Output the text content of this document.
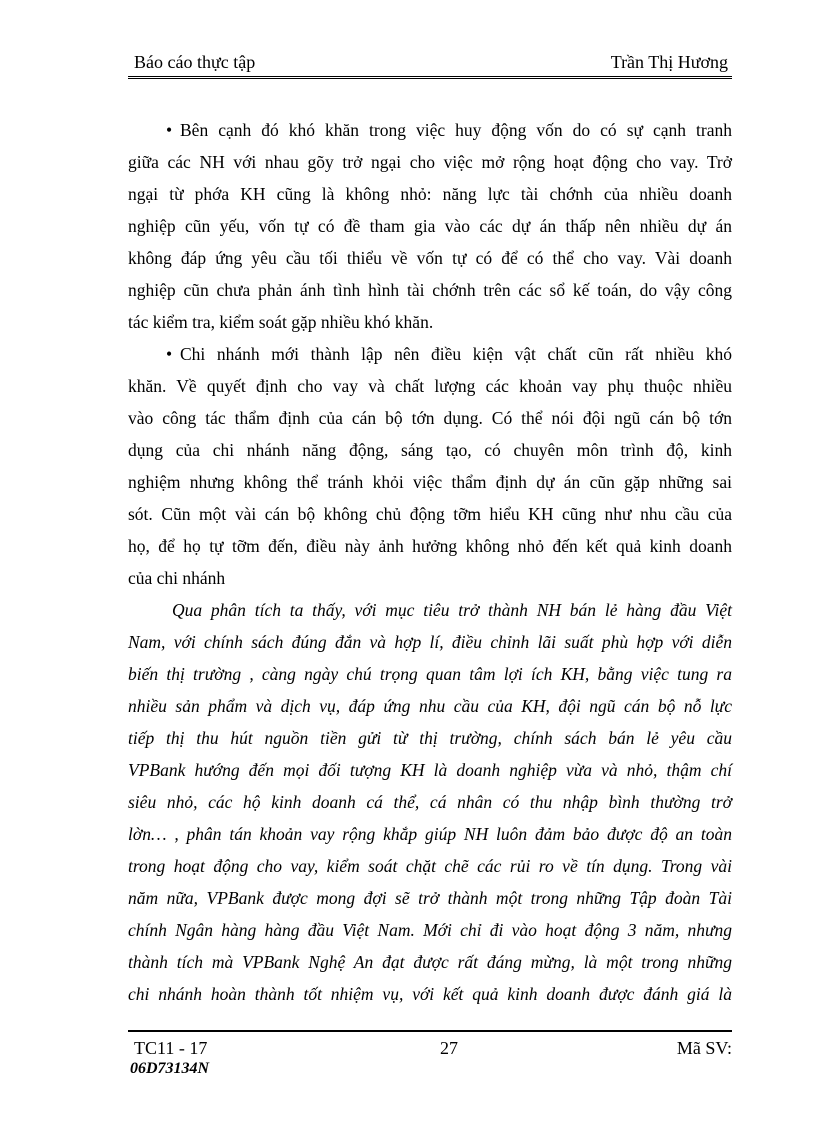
Báo cáo thực tập	Trần Thị Hương
• Bên cạnh đó khó khăn trong việc huy động vốn do có sự cạnh tranh
giữa các NH với nhau gõy trở ngại cho việc mở rộng hoạt động cho vay. Trở
ngại từ phớa KH cũng là không nhỏ: năng lực tài chớnh của nhiều doanh
nghiệp cũn yếu, vốn tự có đề tham gia vào các dự án thấp nên nhiều dự án
không đáp ứng yêu cầu tối thiểu về vốn tự có để có thể cho vay. Vài doanh
nghiệp cũn chưa phản ánh tình hình tài chớnh trên các sổ kế toán, do vậy công
tác kiểm tra, kiểm soát gặp nhiều khó khăn.
• Chi nhánh mới thành lập nên điều kiện vật chất cũn rất nhiều khó
khăn. Về quyết định cho vay và chất lượng các khoản vay phụ thuộc nhiều
vào công tác thẩm định của cán bộ tớn dụng. Có thể nói đội ngũ cán bộ tớn
dụng của chi nhánh năng động, sáng tạo, có chuyên môn trình độ, kinh
nghiệm nhưng không thể tránh khỏi việc thẩm định dự án cũn gặp những sai
sót. Cũn một vài cán bộ không chủ động tỡm hiểu KH cũng như nhu cầu của
họ, để họ tự tỡm đến, điều này ảnh hưởng không nhỏ đến kết quả kinh doanh
của chi nhánh
Qua phân tích ta thấy, với mục tiêu trở thành NH bán lẻ hàng đầu Việt
Nam, với chính sách đúng đắn và hợp lí, điều chỉnh lãi suất phù hợp với diễn
biến thị trường , càng ngày chú trọng quan tâm lợi ích KH, bằng việc tung ra
nhiều sản phẩm và dịch vụ, đáp ứng nhu cầu của KH, đội ngũ cán bộ nỗ lực
tiếp thị thu hút nguồn tiền gửi từ thị trường, chính sách bán lẻ yêu cầu
VPBank hướng đến mọi đối tượng KH là doanh nghiệp vừa và nhỏ, thậm chí
siêu nhỏ, các hộ kinh doanh cá thể, cá nhân có thu nhập bình thường trở
lờn… , phân tán khoản vay rộng khắp giúp NH luôn đảm bảo được độ an toàn
trong hoạt động cho vay, kiểm soát chặt chẽ các rủi ro về tín dụng. Trong vài
năm nữa, VPBank được mong đợi sẽ trở thành một trong những Tập đoàn Tài
chính Ngân hàng hàng đầu Việt Nam. Mới chỉ đi vào hoạt động 3 năm, nhưng
thành tích mà VPBank Nghệ An đạt được rất đáng mừng, là một trong những
chi nhánh hoàn thành tốt nhiệm vụ, với kết quả kinh doanh được đánh giá là
TC11 - 17	27	Mã SV:
06D73134N
